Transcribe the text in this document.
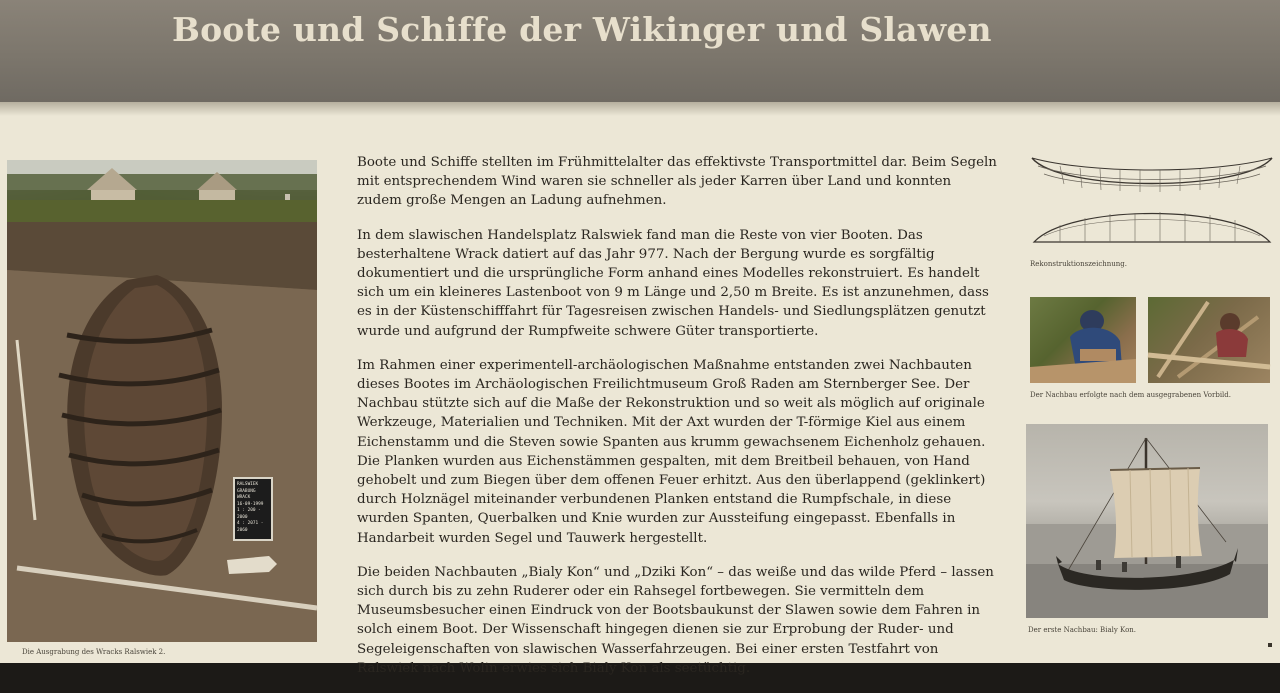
Boote und Schiffe der Wikinger und Slawen
RALSWIEK
GRABUNG
WRACK
16-09-1999
1 : 200 - 2000
4 : 2071 - 2060
Die Ausgrabung des Wracks Ralswiek 2.

Boote und Schiffe stellten im Frühmittelalter das effektivste Transportmittel dar. Beim Segeln mit entsprechendem Wind waren sie schneller als jeder Karren über Land und konnten zudem große Mengen an Ladung aufnehmen.

In dem slawischen Handelsplatz Ralswiek fand man die Reste von vier Booten. Das besterhaltene Wrack datiert auf das Jahr 977. Nach der Bergung wurde es sorgfältig dokumentiert und die ursprüngliche Form anhand eines Modelles rekonstruiert. Es handelt sich um ein kleineres Lastenboot von 9 m Länge und 2,50 m Breite. Es ist anzunehmen, dass es in der Küstenschifffahrt für Tagesreisen zwischen Handels- und Siedlungsplätzen genutzt wurde und aufgrund der Rumpfweite schwere Güter transportierte.

Im Rahmen einer experimentell-archäologischen Maßnahme entstanden zwei Nachbauten dieses Bootes im Archäologischen Freilichtmuseum Groß Raden am Sternberger See. Der Nachbau stützte sich auf die Maße der Rekonstruktion und so weit als möglich auf originale Werkzeuge, Materialien und Techniken. Mit der Axt wurden der T-förmige Kiel aus einem Eichenstamm und die Steven sowie Spanten aus krumm gewachsenem Eichenholz gehauen. Die Planken wurden aus Eichenstämmen gespalten, mit dem Breitbeil behauen, von Hand gehobelt und zum Biegen über dem offenen Feuer erhitzt. Aus den überlappend (geklinkert) durch Holznägel miteinander verbundenen Planken entstand die Rumpfschale, in diese wurden Spanten, Querbalken und Knie wurden zur Aussteifung eingepasst. Ebenfalls in Handarbeit wurden Segel und Tauwerk hergestellt.

Die beiden Nachbauten „Bialy Kon“ und „Dziki Kon“ – das weiße und das wilde Pferd – lassen sich durch bis zu zehn Ruderer oder ein Rahsegel fortbewegen. Sie vermitteln dem Museumsbesucher einen Eindruck von der Bootsbaukunst der Slawen sowie dem Fahren in solch einem Boot. Der Wissenschaft hingegen dienen sie zur Erprobung der Ruder- und Segeleigenschaften von slawischen Wasserfahrzeugen. Bei einer ersten Testfahrt von Ralswiek nach Wolin erwies sich Bialy Kon als seetüchtig.

Rekonstruktionszeichnung.
Der Nachbau erfolgte nach dem ausgegrabenen Vorbild.
Der erste Nachbau: Bialy Kon.
